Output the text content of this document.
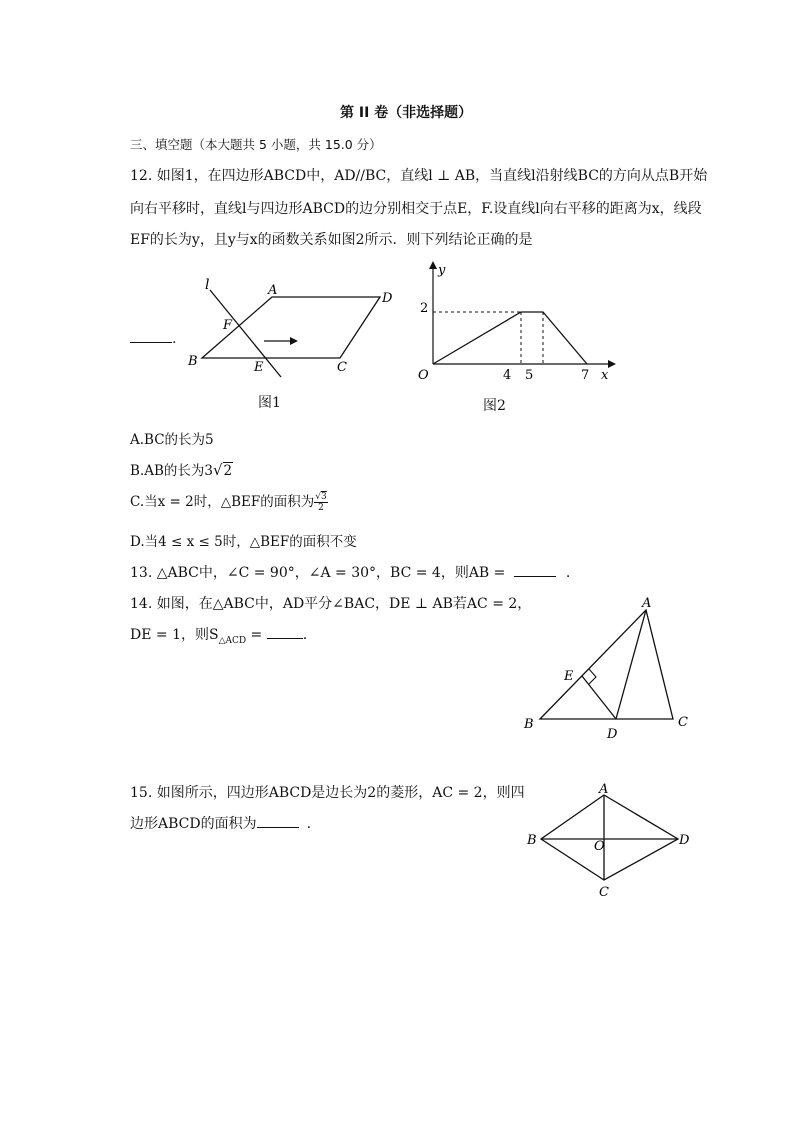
第 II 卷（非选择题）
三、填空题（本大题共 5 小题，共 15.0 分）
12. 如图1，在四边形ABCD中，AD//BC，直线l ⊥ AB，当直线l沿射线BC的方向从点B开始
向右平移时，直线l与四边形ABCD的边分别相交于点E，F.设直线l向右平移的距离为x，线段
EF的长为y，且y与x的函数关系如图2所示．则下列结论正确的是
.
l	A
D
F
B	E	C
图1
y
x
O
2
4 5	7
图2
A.BC的长为5
B.AB的长为3√2
C.当x = 2时，△BEF的面积为 $\frac{√3}{2}$
D.当4 ≤ x ≤ 5时，△BEF的面积不变
13. △ABC中，∠C = 90°，∠A = 30°，BC = 4，则AB =	.
14. 如图，在△ABC中，AD平分∠BAC，DE ⊥ AB若AC = 2，
DE = 1，则$S_{\triangle ACD}$ =	.
A
E
B
D
C
15. 如图所示，四边形ABCD是边长为2的菱形，AC = 2，则四
边形ABCD的面积为	.
A
B	O	D
C
